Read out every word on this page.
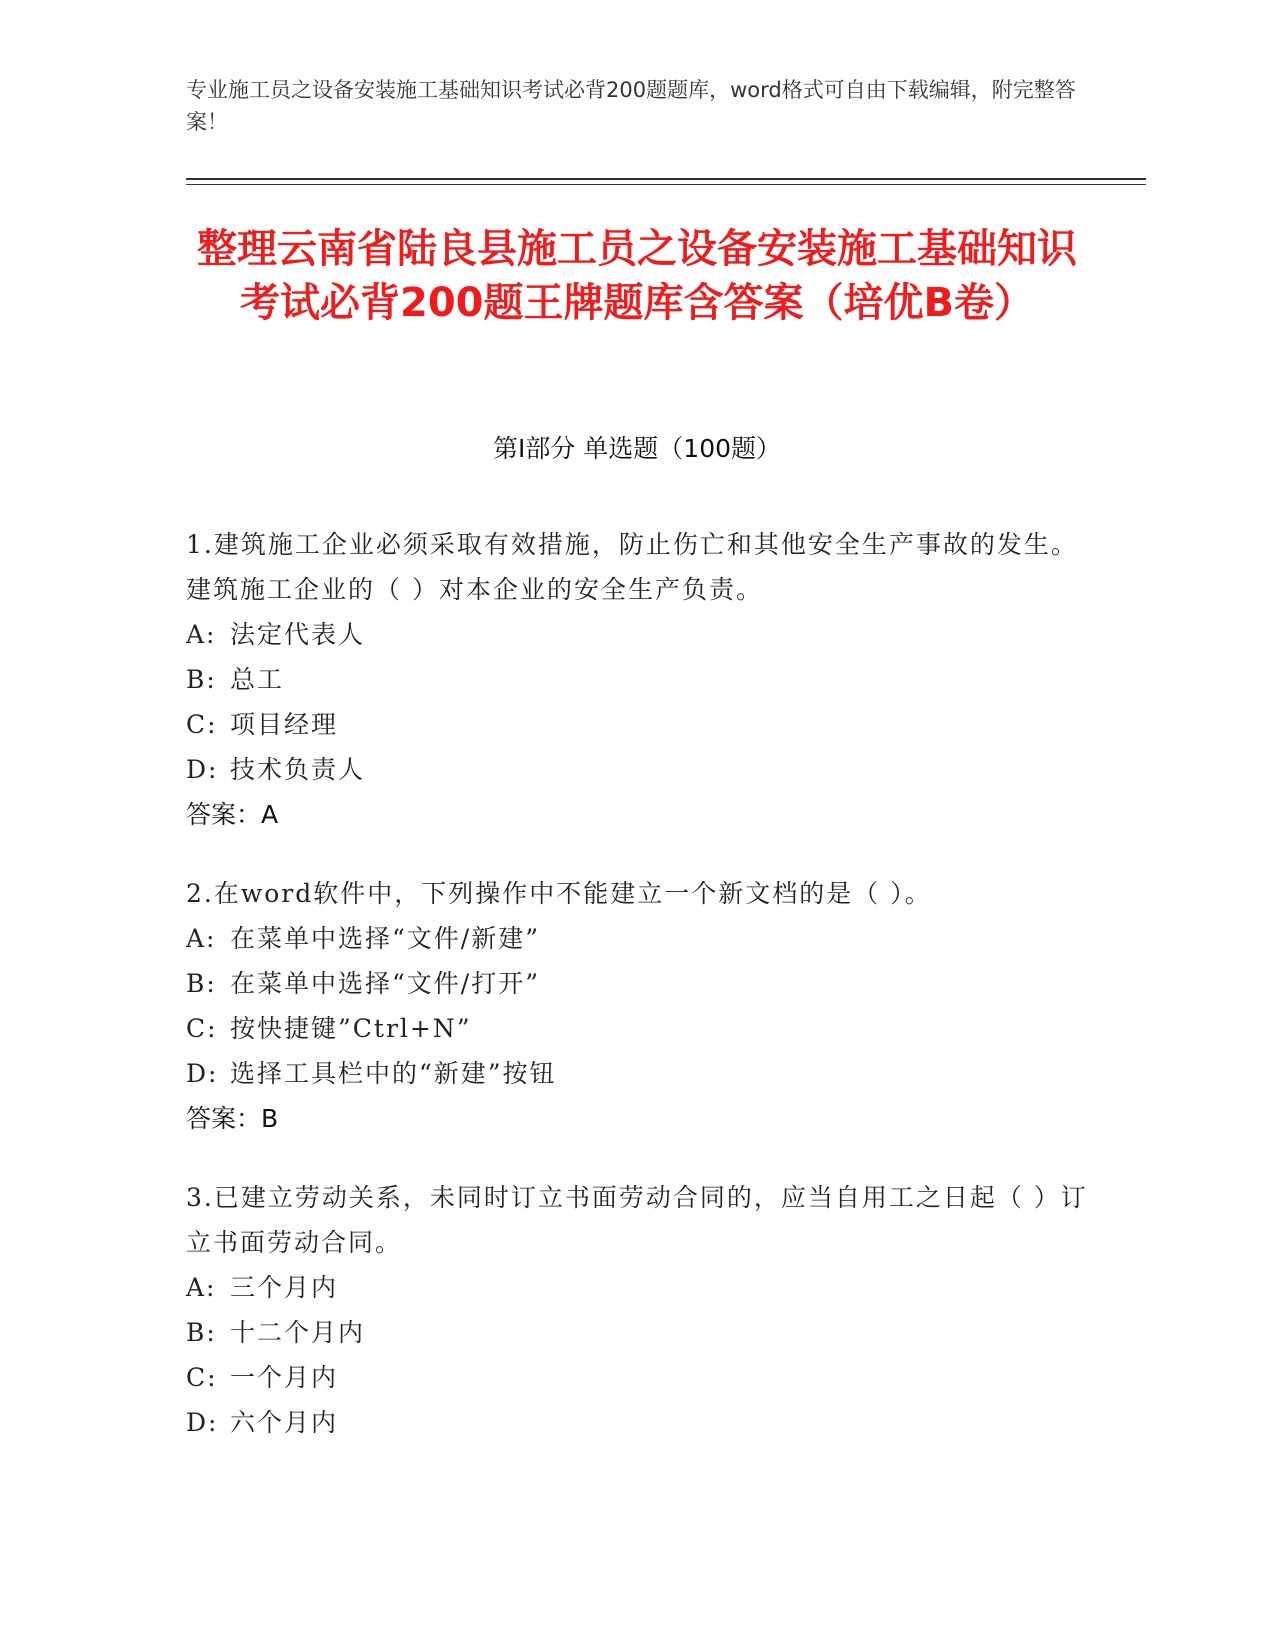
专业施工员之设备安装施工基础知识考试必背200题题库，word格式可自由下载编辑，附完整答案！
整理云南省陆良县施工员之设备安装施工基础知识考试必背200题王牌题库含答案（培优B卷）
第I部分 单选题（100题）
1.建筑施工企业必须采取有效措施，防止伤亡和其他安全生产事故的发生。建筑施工企业的（ ）对本企业的安全生产负责。
A: 法定代表人
B: 总工
C: 项目经理
D: 技术负责人
答案：A
2.在word软件中，下列操作中不能建立一个新文档的是（ ）。
A: 在菜单中选择“文件/新建”
B: 在菜单中选择“文件/打开”
C: 按快捷键”Ctrl+N”
D: 选择工具栏中的“新建”按钮
答案：B
3.已建立劳动关系，未同时订立书面劳动合同的，应当自用工之日起（ ）订立书面劳动合同。
A: 三个月内
B: 十二个月内
C: 一个月内
D: 六个月内
